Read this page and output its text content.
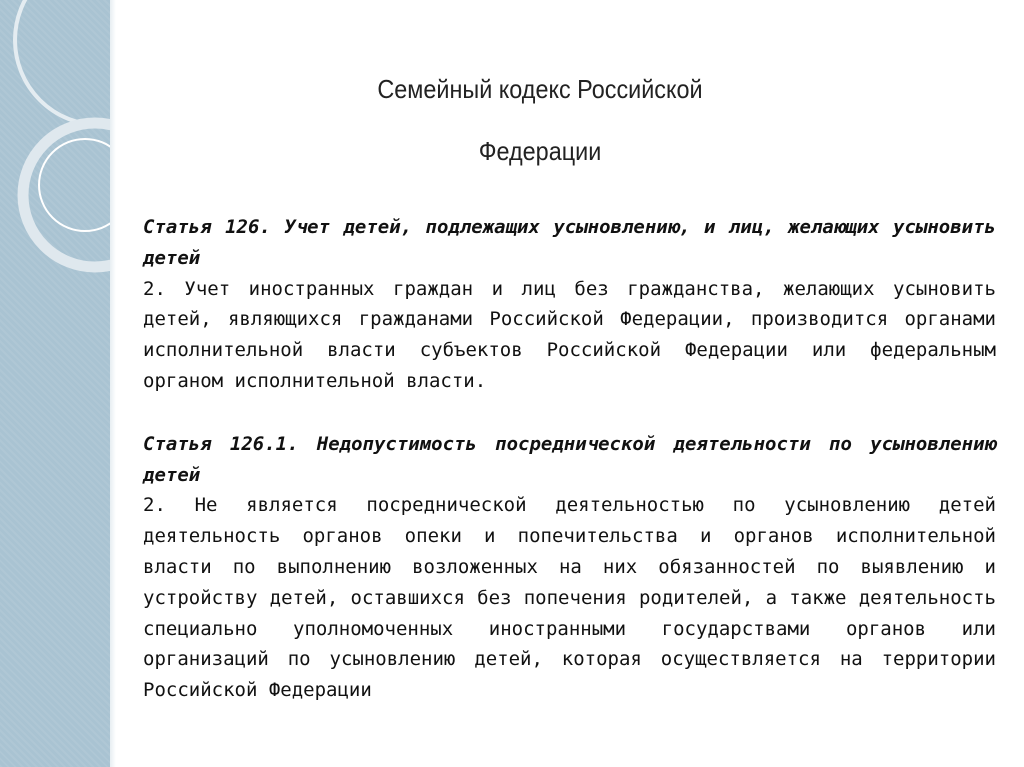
Семейный кодекс Российской
Федерации

Статья 126. Учет детей, подлежащих усыновлению, и лиц, желающих усыновить детей

2. Учет иностранных граждан и лиц без гражданства, желающих усыновить детей, являющихся гражданами Российской Федерации, производится органами исполнительной власти субъектов Российской Федерации или федеральным органом исполнительной власти.

Статья 126.1. Недопустимость посреднической деятельности по усыновлению детей

2. Не является посреднической деятельностью по усыновлению детей деятельность органов опеки и попечительства и органов исполнительной власти по выполнению возложенных на них обязанностей по выявлению и устройству детей, оставшихся без попечения родителей, а также деятельность специально уполномоченных иностранными государствами органов или организаций по усыновлению детей, которая осуществляется на территории Российской Федерации
